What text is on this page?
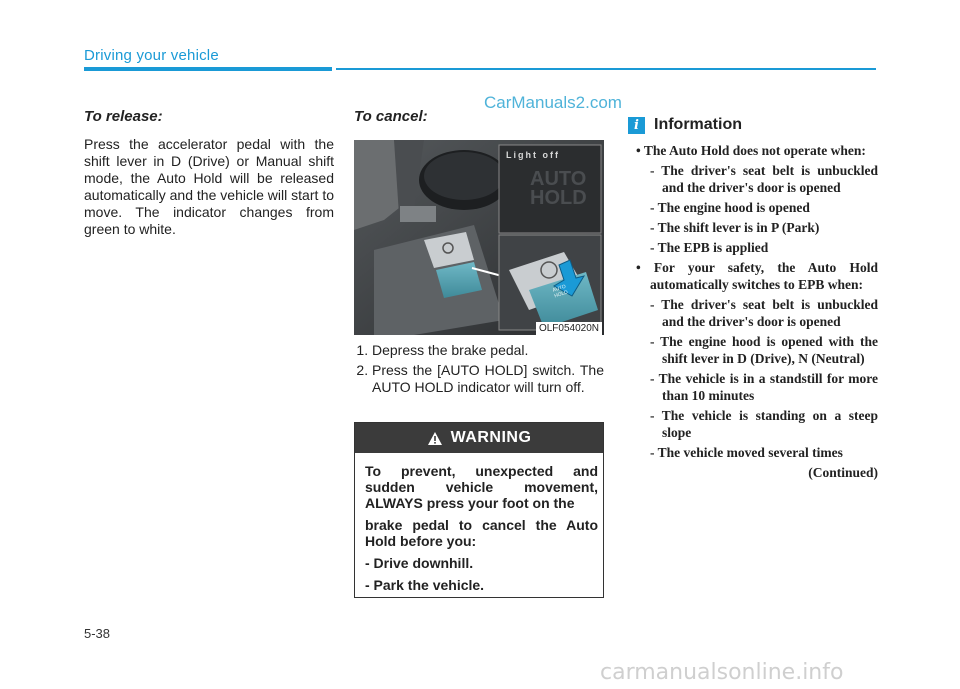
Driving your vehicle
CarManuals2.com
To release:
Press the accelerator pedal with the shift lever in D (Drive) or Manual shift mode, the Auto Hold will be released automatically and the vehicle will start to move. The indicator changes from green to white.
To cancel:
Light off
AUTO
HOLD
AUTO HOLD
OLF054020N
1. Depress the brake pedal.
2. Press the [AUTO HOLD] switch. The AUTO HOLD indicator will turn off.
WARNING

To prevent, unexpected and sudden vehicle movement, ALWAYS press your foot on the

brake pedal to cancel the Auto Hold before you:

- Drive downhill.

- Park the vehicle.

i Information
• The Auto Hold does not operate when:
- The driver's seat belt is unbuckled and the driver's door is opened
- The engine hood is opened
- The shift lever is in P (Park)
- The EPB is applied
• For your safety, the Auto Hold automatically switches to EPB when:
- The driver's seat belt is unbuckled and the driver's door is opened
- The engine hood is opened with the shift lever in D (Drive), N (Neutral)
- The vehicle is in a standstill for more than 10 minutes
- The vehicle is standing on a steep slope
- The vehicle moved several times
(Continued)
5-38
carmanualsonline.info
